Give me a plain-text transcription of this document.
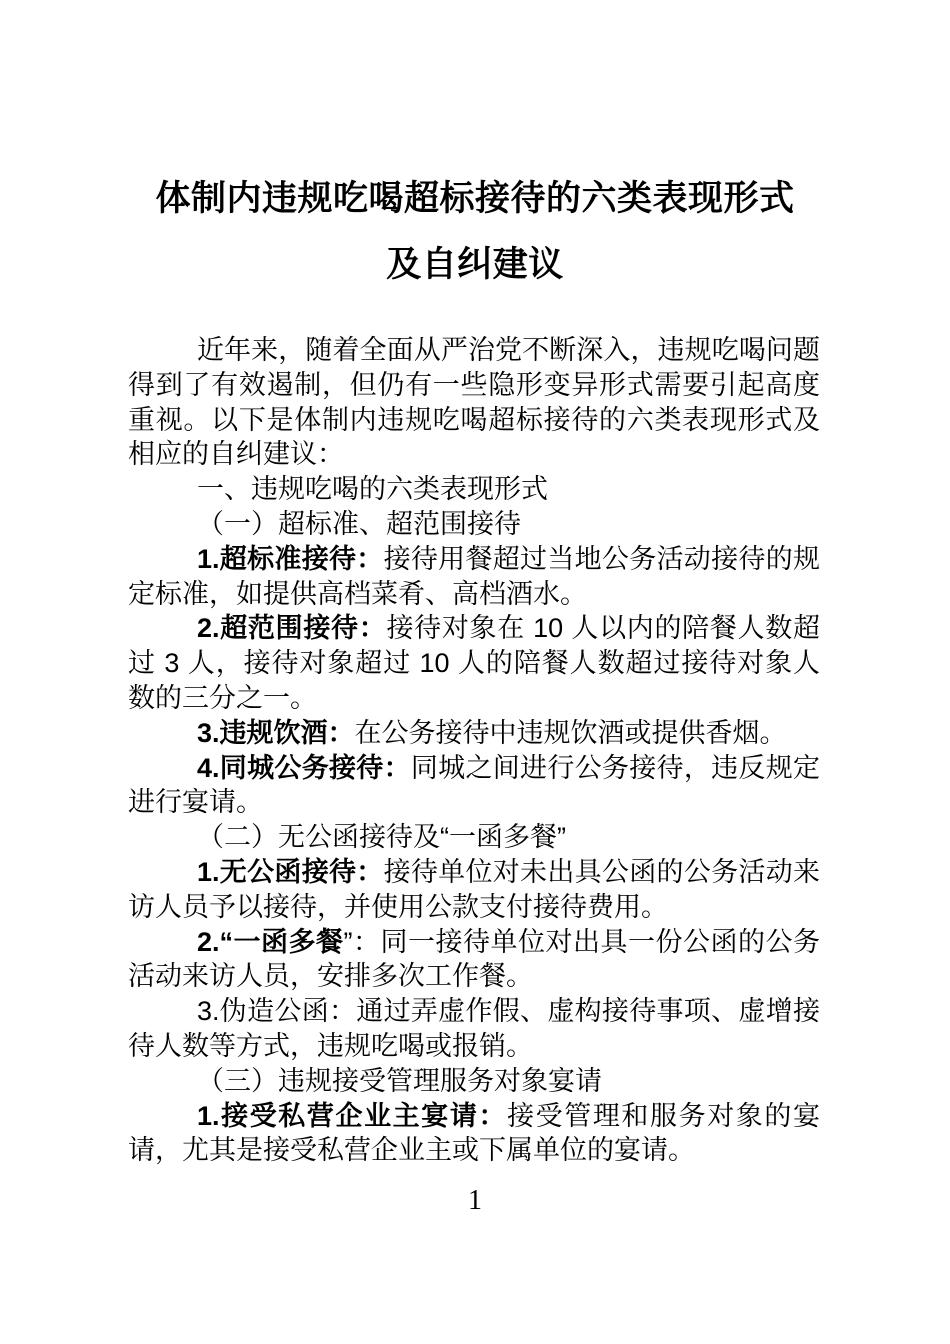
体制内违规吃喝超标接待的六类表现形式
及自纠建议

近年来，随着全面从严治党不断深入，违规吃喝问题得到了有效遏制，但仍有一些隐形变异形式需要引起高度重视。以下是体制内违规吃喝超标接待的六类表现形式及相应的自纠建议：

一、违规吃喝的六类表现形式

（一）超标准、超范围接待

1.超标准接待：接待用餐超过当地公务活动接待的规定标准，如提供高档菜肴、高档酒水。

2.超范围接待：接待对象在 10 人以内的陪餐人数超过 3 人，接待对象超过 10 人的陪餐人数超过接待对象人数的三分之一。

3.违规饮酒：在公务接待中违规饮酒或提供香烟。

4.同城公务接待：同城之间进行公务接待，违反规定进行宴请。

（二）无公函接待及“一函多餐”

1.无公函接待：接待单位对未出具公函的公务活动来访人员予以接待，并使用公款支付接待费用。

2.“一函多餐”：同一接待单位对出具一份公函的公务活动来访人员，安排多次工作餐。

3.伪造公函：通过弄虚作假、虚构接待事项、虚增接待人数等方式，违规吃喝或报销。

（三）违规接受管理服务对象宴请

1.接受私营企业主宴请：接受管理和服务对象的宴请，尤其是接受私营企业主或下属单位的宴请。

1
